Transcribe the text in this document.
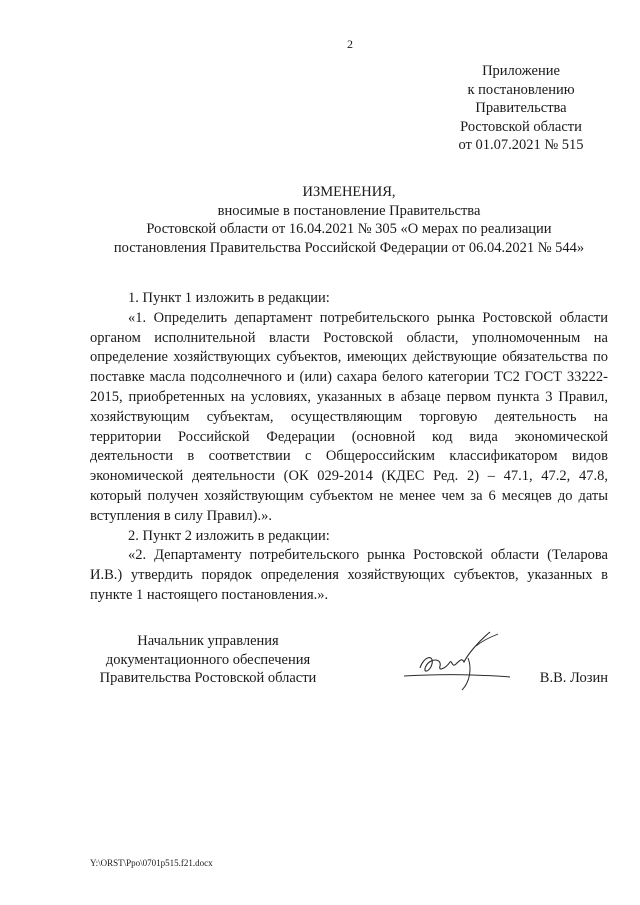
2
Приложение
к постановлению
Правительства
Ростовской области
от 01.07.2021 № 515
ИЗМЕНЕНИЯ,
вносимые в постановление Правительства
Ростовской области от 16.04.2021 № 305 «О мерах по реализации
постановления Правительства Российской Федерации от 06.04.2021 № 544»

1. Пункт 1 изложить в редакции:

«1. Определить департамент потребительского рынка Ростовской области органом исполнительной власти Ростовской области, уполномоченным на определение хозяйствующих субъектов, имеющих действующие обязательства по поставке масла подсолнечного и (или) сахара белого категории ТС2 ГОСТ 33222-2015, приобретенных на условиях, указанных в абзаце первом пункта 3 Правил, хозяйствующим субъектам, осуществляющим торговую деятельность на территории Российской Федерации (основной код вида экономической деятельности в соответствии с Общероссийским классификатором видов экономической деятельности (ОК 029-2014 (КДЕС Ред. 2) – 47.1, 47.2, 47.8, который получен хозяйствующим субъектом не менее чем за 6 месяцев до даты вступления в силу Правил).».

2. Пункт 2 изложить в редакции:

«2. Департаменту потребительского рынка Ростовской области (Теларова И.В.) утвердить порядок определения хозяйствующих субъектов, указанных в пункте 1 настоящего постановления.».

Начальник управления
документационного обеспечения
Правительства Ростовской области	В.В. Лозин
Y:\ORST\Ppo\0701p515.f21.docx
